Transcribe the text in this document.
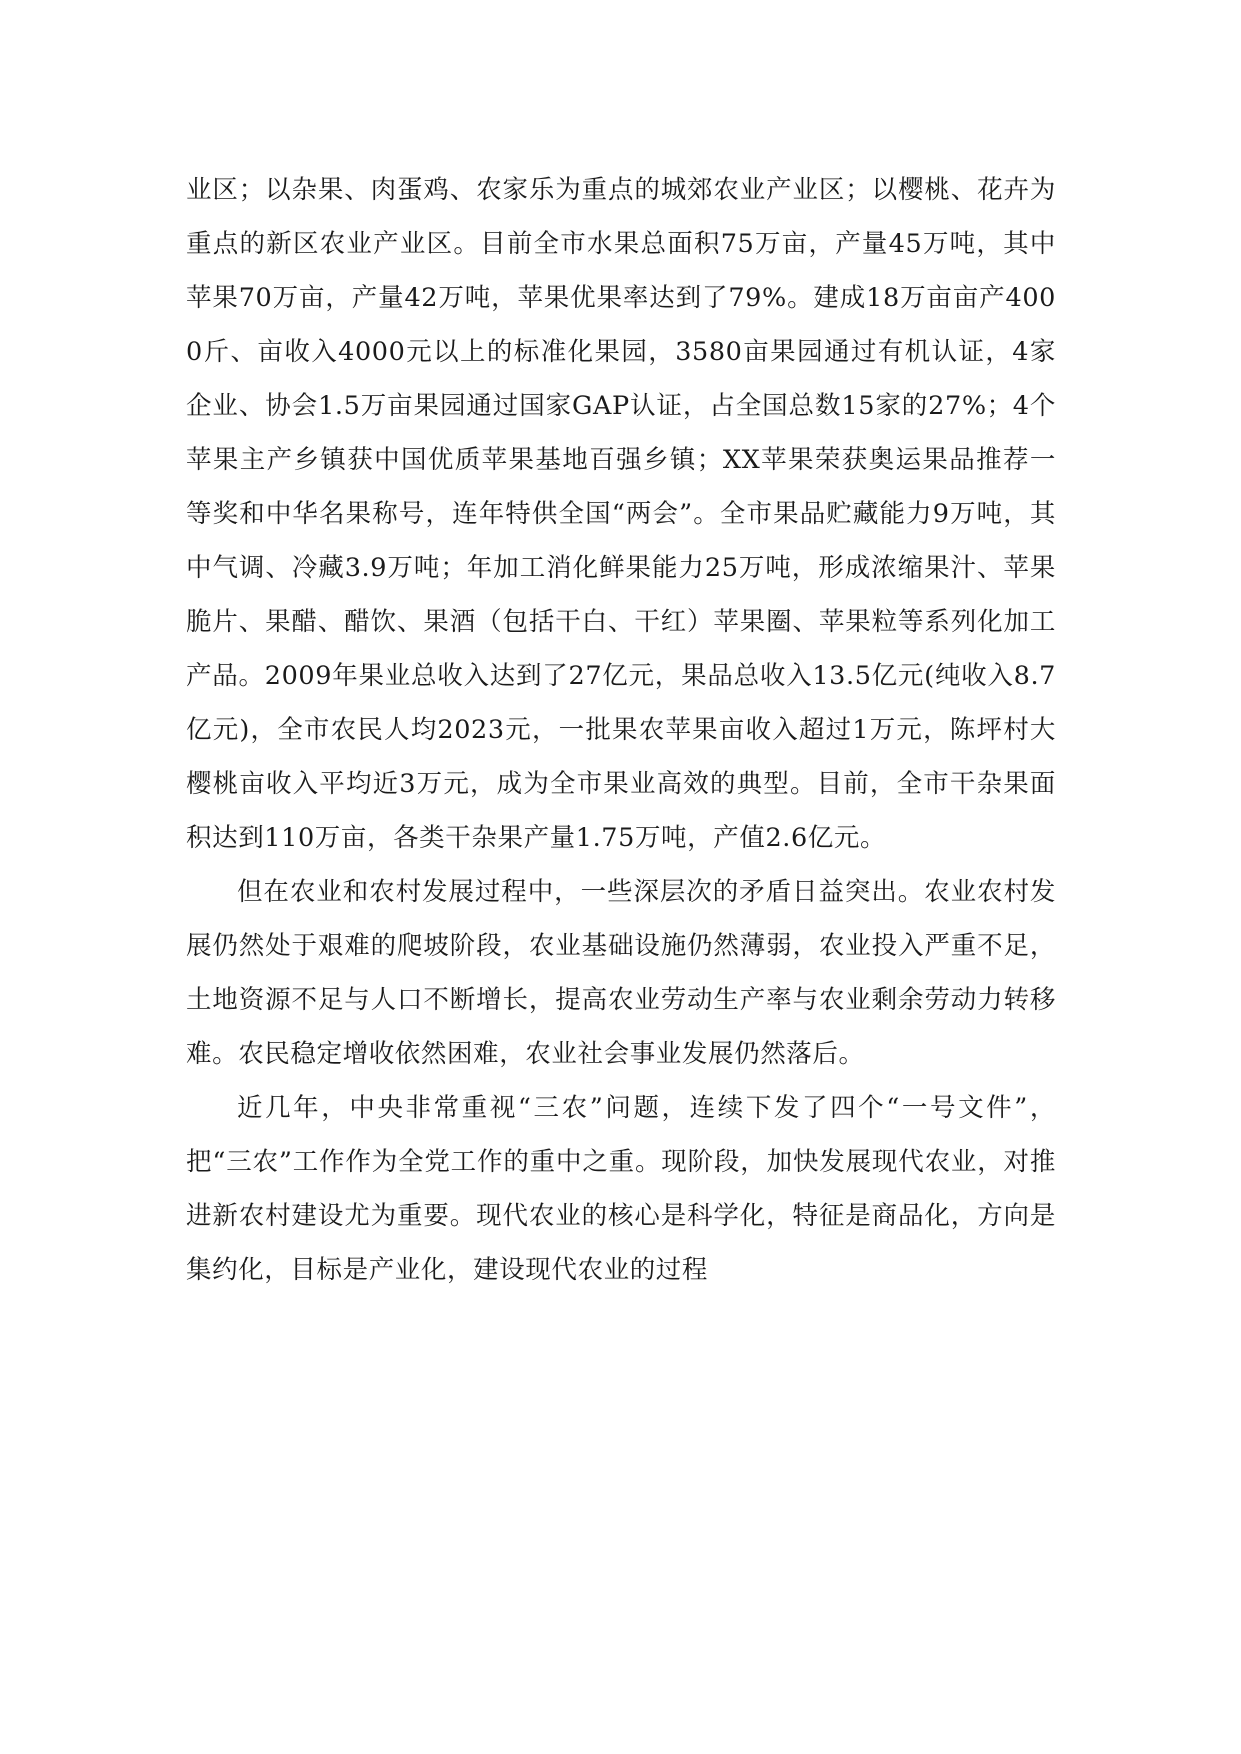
业区；以杂果、肉蛋鸡、农家乐为重点的城郊农业产业区；以樱桃、花卉为重点的新区农业产业区。目前全市水果总面积75万亩，产量45万吨，其中苹果70万亩，产量42万吨，苹果优果率达到了79%。建成18万亩亩产4000斤、亩收入4000元以上的标准化果园，3580亩果园通过有机认证，4家企业、协会1.5万亩果园通过国家GAP认证，占全国总数15家的27%；4个苹果主产乡镇获中国优质苹果基地百强乡镇；XX苹果荣获奥运果品推荐一等奖和中华名果称号，连年特供全国“两会”。全市果品贮藏能力9万吨，其中气调、冷藏3.9万吨；年加工消化鲜果能力25万吨，形成浓缩果汁、苹果脆片、果醋、醋饮、果酒（包括干白、干红）苹果圈、苹果粒等系列化加工产品。2009年果业总收入达到了27亿元，果品总收入13.5亿元(纯收入8.7亿元)，全市农民人均2023元，一批果农苹果亩收入超过1万元，陈坪村大樱桃亩收入平均近3万元，成为全市果业高效的典型。目前，全市干杂果面积达到110万亩，各类干杂果产量1.75万吨，产值2.6亿元。

但在农业和农村发展过程中，一些深层次的矛盾日益突出。农业农村发展仍然处于艰难的爬坡阶段，农业基础设施仍然薄弱，农业投入严重不足，土地资源不足与人口不断增长，提高农业劳动生产率与农业剩余劳动力转移难。农民稳定增收依然困难，农业社会事业发展仍然落后。

近几年，中央非常重视“三农”问题，连续下发了四个“一号文件”，把“三农”工作作为全党工作的重中之重。现阶段，加快发展现代农业，对推进新农村建设尤为重要。现代农业的核心是科学化，特征是商品化，方向是集约化，目标是产业化，建设现代农业的过程
